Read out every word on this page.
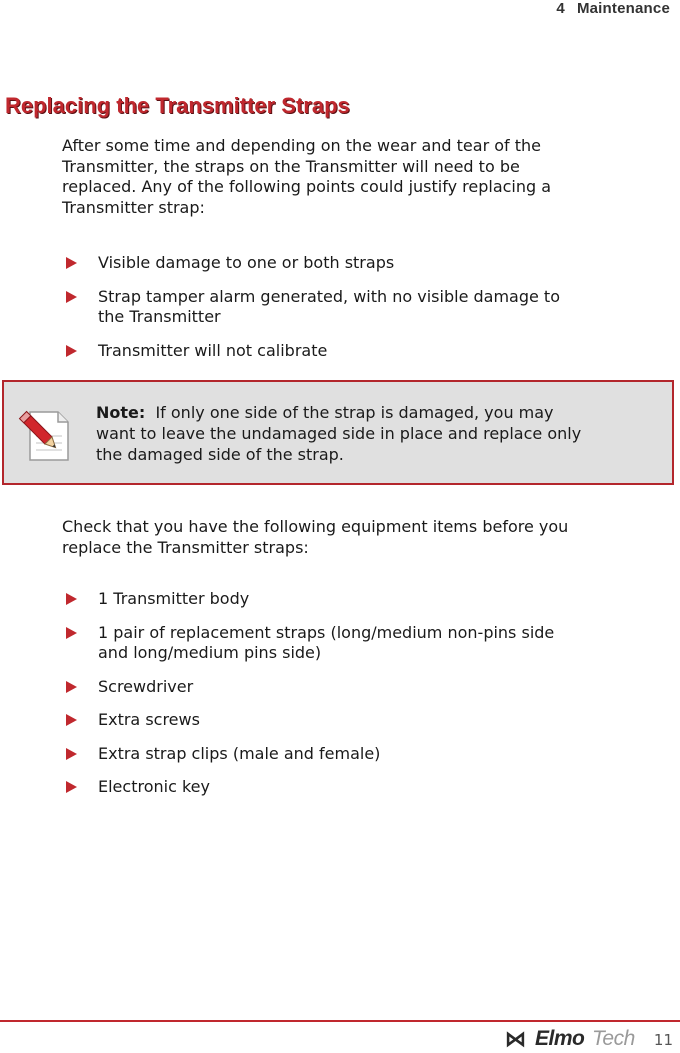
4 Maintenance
Replacing the Transmitter Straps

After some time and depending on the wear and tear of the
Transmitter, the straps on the Transmitter will need to be
replaced. Any of the following points could justify replacing a
Transmitter strap:

Visible damage to one or both straps
Strap tamper alarm generated, with no visible damage to
the Transmitter
Transmitter will not calibrate

Note: If only one side of the strap is damaged, you may
want to leave the undamaged side in place and replace only
the damaged side of the strap.

Check that you have the following equipment items before you
replace the Transmitter straps:

1 Transmitter body
1 pair of replacement straps (long/medium non-pins side
and long/medium pins side)
Screwdriver
Extra screws
Extra strap clips (male and female)
Electronic key
⋈ Elmo Tech 11
